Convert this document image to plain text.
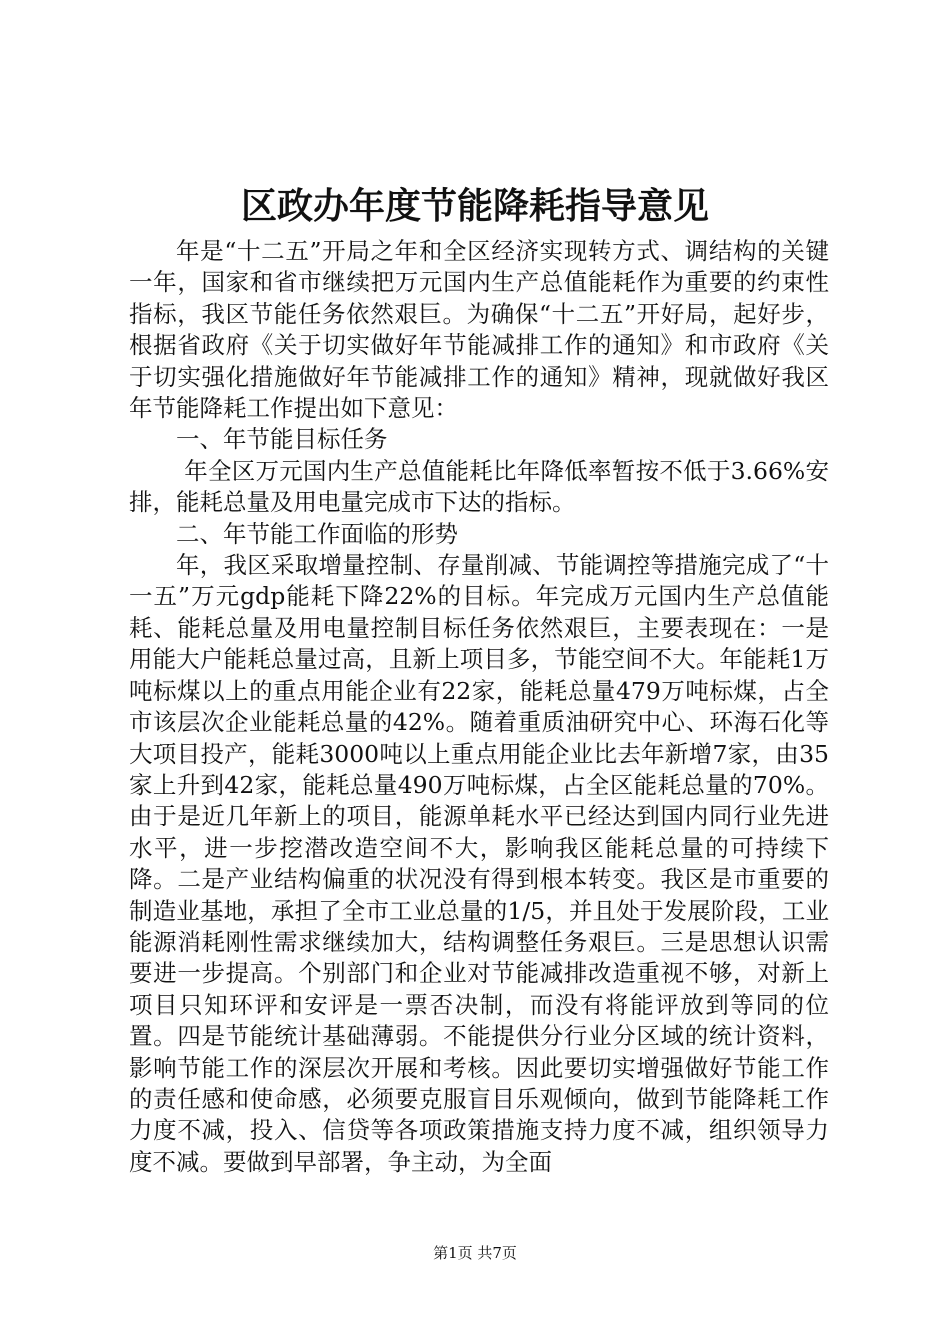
区政办年度节能降耗指导意见

年是“十二五”开局之年和全区经济实现转方式、调结构的关键一年，国家和省市继续把万元国内生产总值能耗作为重要的约束性指标，我区节能任务依然艰巨。为确保“十二五”开好局，起好步，根据省政府《关于切实做好年节能减排工作的通知》和市政府《关于切实强化措施做好年节能减排工作的通知》精神，现就做好我区年节能降耗工作提出如下意见：

一、年节能目标任务

年全区万元国内生产总值能耗比年降低率暂按不低于3.66%安排，能耗总量及用电量完成市下达的指标。

二、年节能工作面临的形势

年，我区采取增量控制、存量削减、节能调控等措施完成了“十一五”万元gdp能耗下降22%的目标。年完成万元国内生产总值能耗、能耗总量及用电量控制目标任务依然艰巨，主要表现在：一是用能大户能耗总量过高，且新上项目多，节能空间不大。年能耗1万吨标煤以上的重点用能企业有22家，能耗总量479万吨标煤，占全市该层次企业能耗总量的42%。随着重质油研究中心、环海石化等大项目投产，能耗3000吨以上重点用能企业比去年新增7家，由35家上升到42家，能耗总量490万吨标煤，占全区能耗总量的70%。由于是近几年新上的项目，能源单耗水平已经达到国内同行业先进水平，进一步挖潜改造空间不大，影响我区能耗总量的可持续下降。二是产业结构偏重的状况没有得到根本转变。我区是市重要的制造业基地，承担了全市工业总量的1/5，并且处于发展阶段，工业能源消耗刚性需求继续加大，结构调整任务艰巨。三是思想认识需要进一步提高。个别部门和企业对节能减排改造重视不够，对新上项目只知环评和安评是一票否决制，而没有将能评放到等同的位置。四是节能统计基础薄弱。不能提供分行业分区域的统计资料，影响节能工作的深层次开展和考核。因此要切实增强做好节能工作的责任感和使命感，必须要克服盲目乐观倾向，做到节能降耗工作力度不减，投入、信贷等各项政策措施支持力度不减，组织领导力度不减。要做到早部署，争主动，为全面

第1页 共7页
